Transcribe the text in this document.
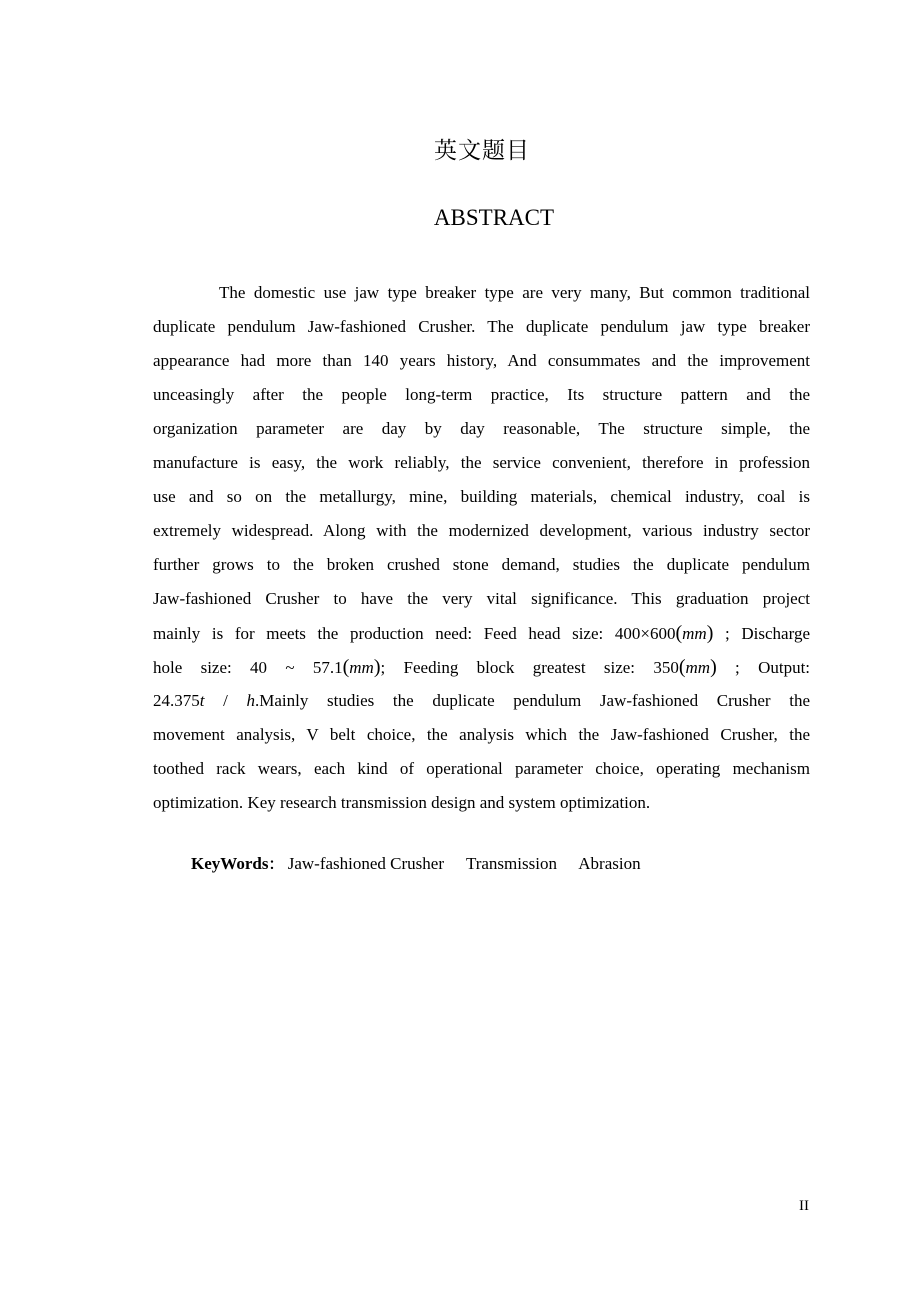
英文题目
ABSTRACT
The domestic use jaw type breaker type are very many, But common traditional
duplicate pendulum Jaw-fashioned Crusher. The duplicate pendulum jaw type breaker
appearance had more than 140 years history, And consummates and the improvement
unceasingly after the people long-term practice, Its structure pattern and the
organization parameter are day by day reasonable, The structure simple, the
manufacture is easy, the work reliably, the service convenient, therefore in profession
use and so on the metallurgy, mine, building materials, chemical industry, coal is
extremely widespread. Along with the modernized development, various industry sector
further grows to the broken crushed stone demand, studies the duplicate pendulum
Jaw-fashioned Crusher to have the very vital significance. This graduation project
mainly is for meets the production need: Feed head size: 400×600(mm) ; Discharge
hole size: 40 ~ 57.1(mm); Feeding block greatest size: 350(mm) ; Output:
24.375t / h.Mainly studies the duplicate pendulum Jaw-fashioned Crusher the
movement analysis, V belt choice, the analysis which the Jaw-fashioned Crusher, the
toothed rack wears, each kind of operational parameter choice, operating mechanism
optimization. Key research transmission design and system optimization.
KeyWords： Jaw-fashioned Crusher Transmission Abrasion
II
